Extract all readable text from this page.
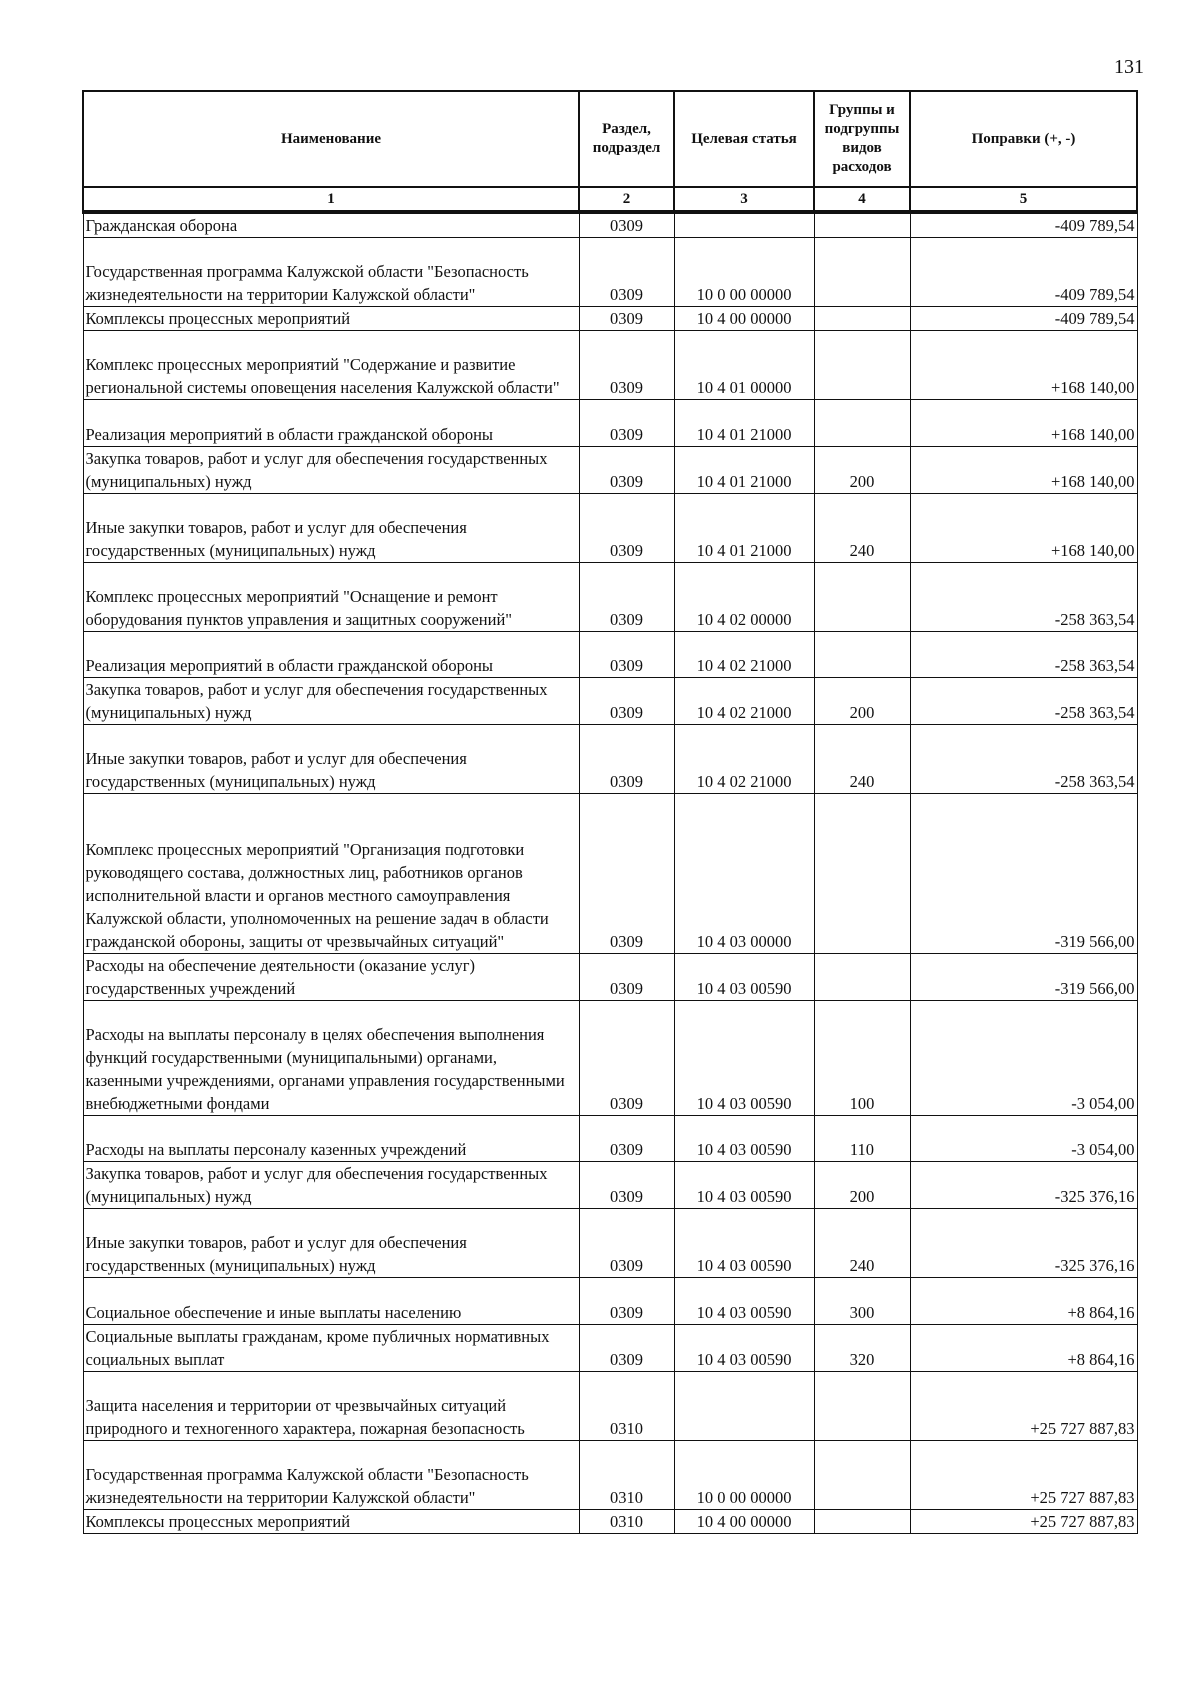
131
Наименование	Раздел, подраздел	Целевая статья	Группы и подгруппы видов расходов	Поправки (+, -)
1	2	3	4	5
Гражданская оборона	0309			-409 789,54
Государственная программа Калужской области "Безопасность жизнедеятельности на территории Калужской области"	0309	10 0 00 00000		-409 789,54
Комплексы процессных мероприятий	0309	10 4 00 00000		-409 789,54
Комплекс процессных мероприятий "Содержание и развитие региональной системы оповещения населения Калужской области"	0309	10 4 01 00000		+168 140,00
Реализация мероприятий в области гражданской обороны	0309	10 4 01 21000		+168 140,00
Закупка товаров, работ и услуг для обеспечения государственных (муниципальных) нужд	0309	10 4 01 21000	200	+168 140,00
Иные закупки товаров, работ и услуг для обеспечения государственных (муниципальных) нужд	0309	10 4 01 21000	240	+168 140,00
Комплекс процессных мероприятий "Оснащение и ремонт оборудования пунктов управления и защитных сооружений"	0309	10 4 02 00000		-258 363,54
Реализация мероприятий в области гражданской обороны	0309	10 4 02 21000		-258 363,54
Закупка товаров, работ и услуг для обеспечения государственных (муниципальных) нужд	0309	10 4 02 21000	200	-258 363,54
Иные закупки товаров, работ и услуг для обеспечения государственных (муниципальных) нужд	0309	10 4 02 21000	240	-258 363,54
Комплекс процессных мероприятий "Организация подготовки руководящего состава, должностных лиц, работников органов исполнительной власти и органов местного самоуправления Калужской области, уполномоченных на решение задач в области гражданской обороны, защиты от чрезвычайных ситуаций"	0309	10 4 03 00000		-319 566,00
Расходы на обеспечение деятельности (оказание услуг) государственных учреждений	0309	10 4 03 00590		-319 566,00
Расходы на выплаты персоналу в целях обеспечения выполнения функций государственными (муниципальными) органами, казенными учреждениями, органами управления государственными внебюджетными фондами	0309	10 4 03 00590	100	-3 054,00
Расходы на выплаты персоналу казенных учреждений	0309	10 4 03 00590	110	-3 054,00
Закупка товаров, работ и услуг для обеспечения государственных (муниципальных) нужд	0309	10 4 03 00590	200	-325 376,16
Иные закупки товаров, работ и услуг для обеспечения государственных (муниципальных) нужд	0309	10 4 03 00590	240	-325 376,16
Социальное обеспечение и иные выплаты населению	0309	10 4 03 00590	300	+8 864,16
Социальные выплаты гражданам, кроме публичных нормативных социальных выплат	0309	10 4 03 00590	320	+8 864,16
Защита населения и территории от чрезвычайных ситуаций природного и техногенного характера, пожарная безопасность	0310			+25 727 887,83
Государственная программа Калужской области "Безопасность жизнедеятельности на территории Калужской области"	0310	10 0 00 00000		+25 727 887,83
Комплексы процессных мероприятий	0310	10 4 00 00000		+25 727 887,83
